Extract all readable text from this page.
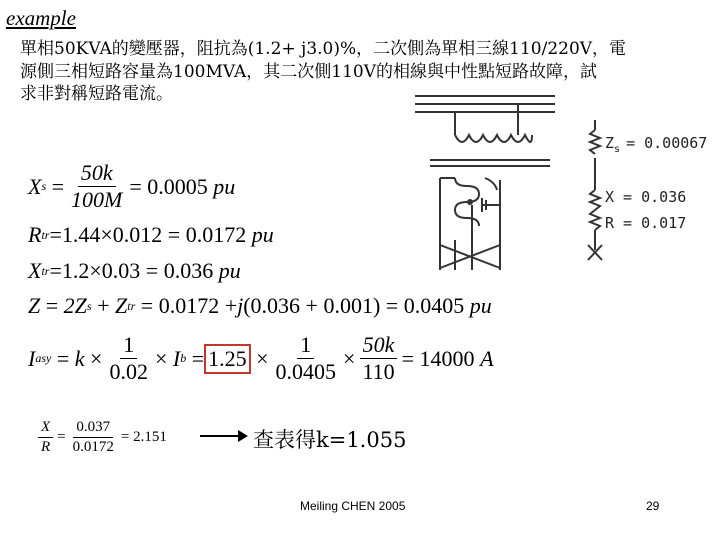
example
單相50KVA的變壓器，阻抗為(1.2+ j3.0)%，二次側為單相三線110/220V，電
源側三相短路容量為100MVA，其二次側110V的相線與中性點短路故障，試
求非對稱短路電流。
$Z_s = 0.00067$
X = 0.036
R = 0.017
X $s = \frac{50k}{100M} = 0.0005$
pu
R tr =1.44×0.012 = 0.0172
pu
X tr =1.2×0.03 = 0.036
pu
Z = 2Z s + Z tr
= 0.0172 + j (0.036 + 0.001) = 0.0405
pu
I asy = $k \times \frac{1}{0.02} \times I$ $b = 1.25 \times \frac{1}{0.0405} \times \frac{50k}{110} = 14000$
A
$\frac{X}{R} = \frac{0.037}{0.0172} = 2.151$	查表得k=1.055
Meiling CHEN 2005	29
